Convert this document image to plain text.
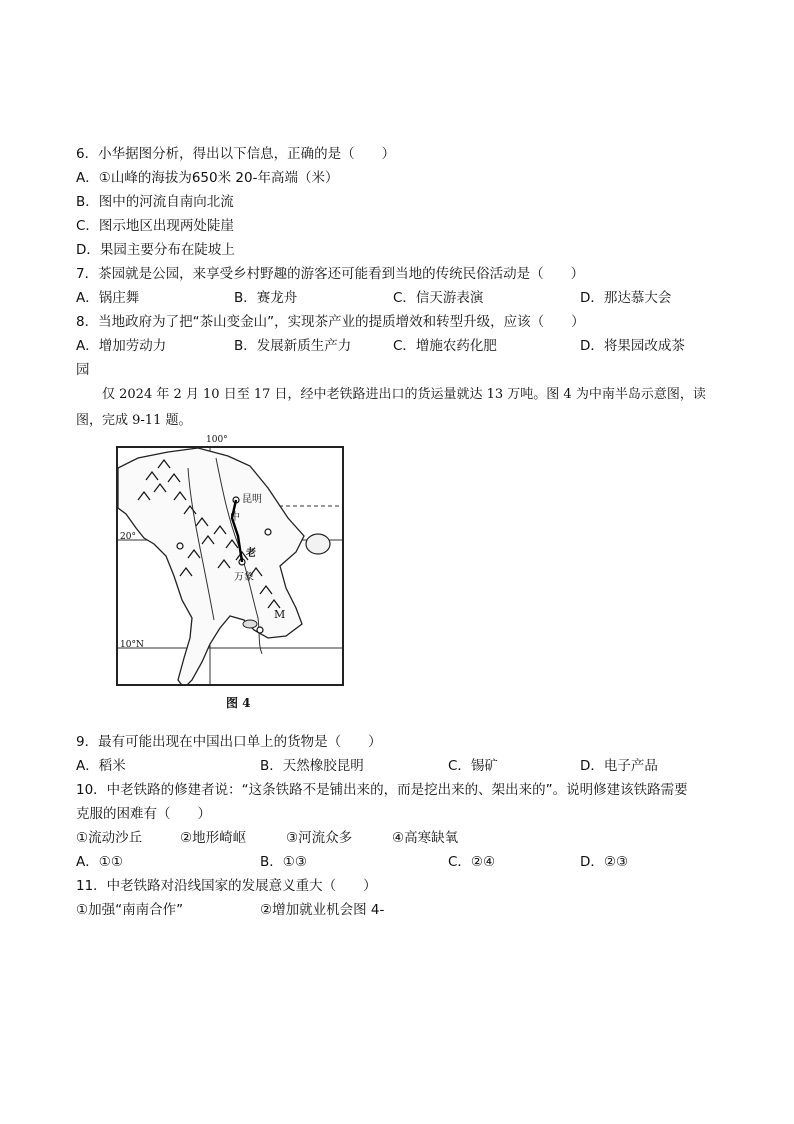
6．小华据图分析，得出以下信息，正确的是（　　）
A．①山峰的海拔为650米 20-年高端（米）
B．图中的河流自南向北流
C．图示地区出现两处陡崖
D．果园主要分布在陡坡上
7．茶园就是公园，来享受乡村野趣的游客还可能看到当地的传统民俗活动是（　　）
A．锅庄舞	B．赛龙舟	C．信天游表演	D．那达慕大会
8．当地政府为了把“茶山变金山”，实现茶产业的提质增效和转型升级，应该（　　）
A．增加劳动力	B．发展新质生产力	C．增施农药化肥	D．将果园改成茶
园
仅 2024 年 2 月 10 日至 17 日，经中老铁路进出口的货运量就达 13 万吨。图 4 为中南半岛示意图，读图，完成 9-11 题。
100°
昆明
中
老
万象
M
20°
10°N
图 4
9．最有可能出现在中国出口单上的货物是（　　）
A．稻米	B．天然橡胶昆明	C．锡矿	D．电子产品
10．中老铁路的修建者说：“这条铁路不是铺出来的，而是挖出来的、架出来的”。说明修建该铁路需要
克服的困难有（　　）
①流动沙丘	②地形崎岖	③河流众多	④高寒缺氧
A．①①	B．①③	C．②④	D．②③
11．中老铁路对沿线国家的发展意义重大（　　）
①加强“南南合作”	②增加就业机会图 4-
